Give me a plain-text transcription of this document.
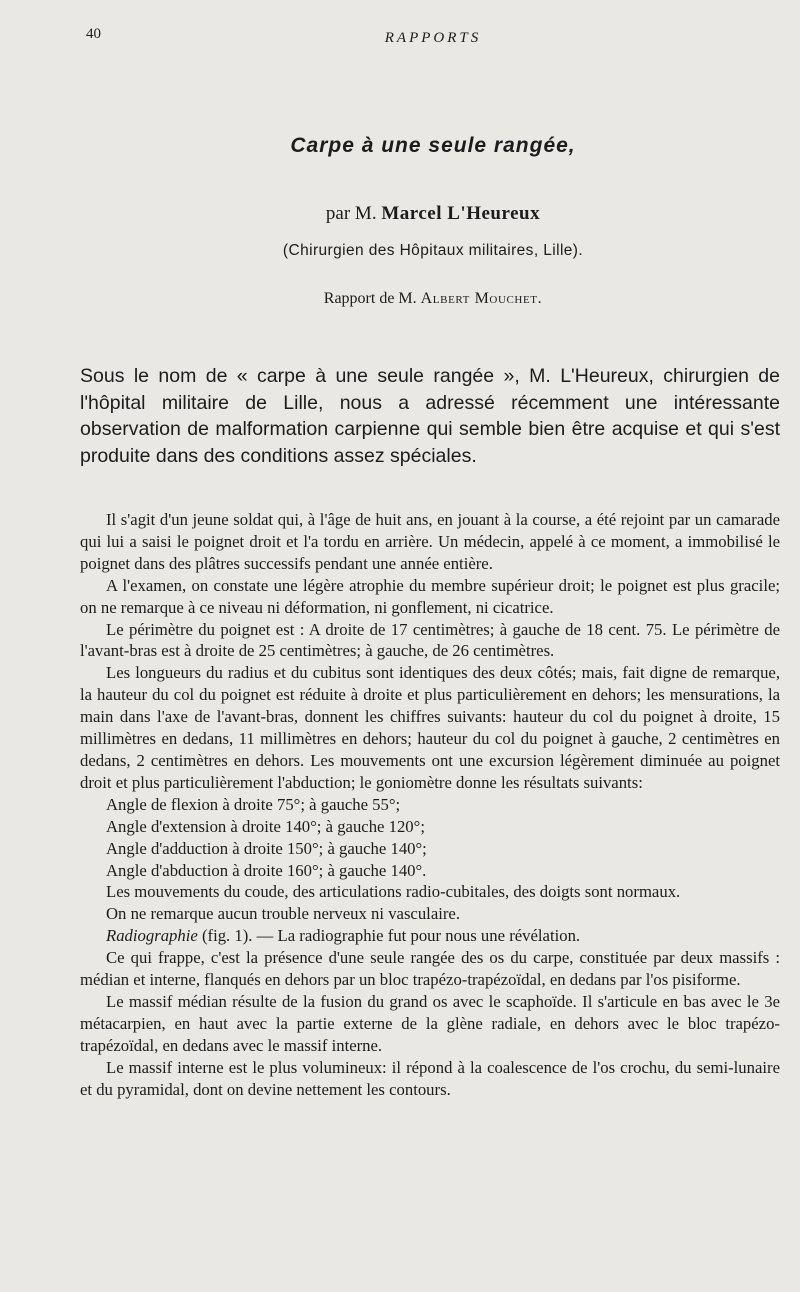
40	RAPPORTS
Carpe à une seule rangée,
par M. Marcel L'Heureux
(Chirurgien des Hôpitaux militaires, Lille).
Rapport de M. Albert Mouchet.
Sous le nom de « carpe à une seule rangée », M. L'Heureux, chirurgien de l'hôpital militaire de Lille, nous a adressé récemment une intéressante observation de malformation carpienne qui semble bien être acquise et qui s'est produite dans des conditions assez spéciales.

Il s'agit d'un jeune soldat qui, à l'âge de huit ans, en jouant à la course, a été rejoint par un camarade qui lui a saisi le poignet droit et l'a tordu en arrière. Un médecin, appelé à ce moment, a immobilisé le poignet dans des plâtres successifs pendant une année entière.

A l'examen, on constate une légère atrophie du membre supérieur droit; le poignet est plus gracile; on ne remarque à ce niveau ni déformation, ni gonflement, ni cicatrice.

Le périmètre du poignet est : A droite de 17 centimètres; à gauche de 18 cent. 75. Le périmètre de l'avant-bras est à droite de 25 centimètres; à gauche, de 26 centimètres.

Les longueurs du radius et du cubitus sont identiques des deux côtés; mais, fait digne de remarque, la hauteur du col du poignet est réduite à droite et plus particulièrement en dehors; les mensurations, la main dans l'axe de l'avant-bras, donnent les chiffres suivants: hauteur du col du poignet à droite, 15 millimètres en dedans, 11 millimètres en dehors; hauteur du col du poignet à gauche, 2 centimètres en dedans, 2 centimètres en dehors. Les mouvements ont une excursion légèrement diminuée au poignet droit et plus particulièrement l'abduction; le goniomètre donne les résultats suivants:

Angle de flexion à droite 75°; à gauche 55°;

Angle d'extension à droite 140°; à gauche 120°;

Angle d'adduction à droite 150°; à gauche 140°;

Angle d'abduction à droite 160°; à gauche 140°.

Les mouvements du coude, des articulations radio-cubitales, des doigts sont normaux.

On ne remarque aucun trouble nerveux ni vasculaire.

Radiographie (fig. 1). — La radiographie fut pour nous une révélation.

Ce qui frappe, c'est la présence d'une seule rangée des os du carpe, constituée par deux massifs : médian et interne, flanqués en dehors par un bloc trapézo-trapézoïdal, en dedans par l'os pisiforme.

Le massif médian résulte de la fusion du grand os avec le scaphoïde. Il s'articule en bas avec le 3e métacarpien, en haut avec la partie externe de la glène radiale, en dehors avec le bloc trapézo-trapézoïdal, en dedans avec le massif interne.

Le massif interne est le plus volumineux: il répond à la coalescence de l'os crochu, du semi-lunaire et du pyramidal, dont on devine nettement les contours.
